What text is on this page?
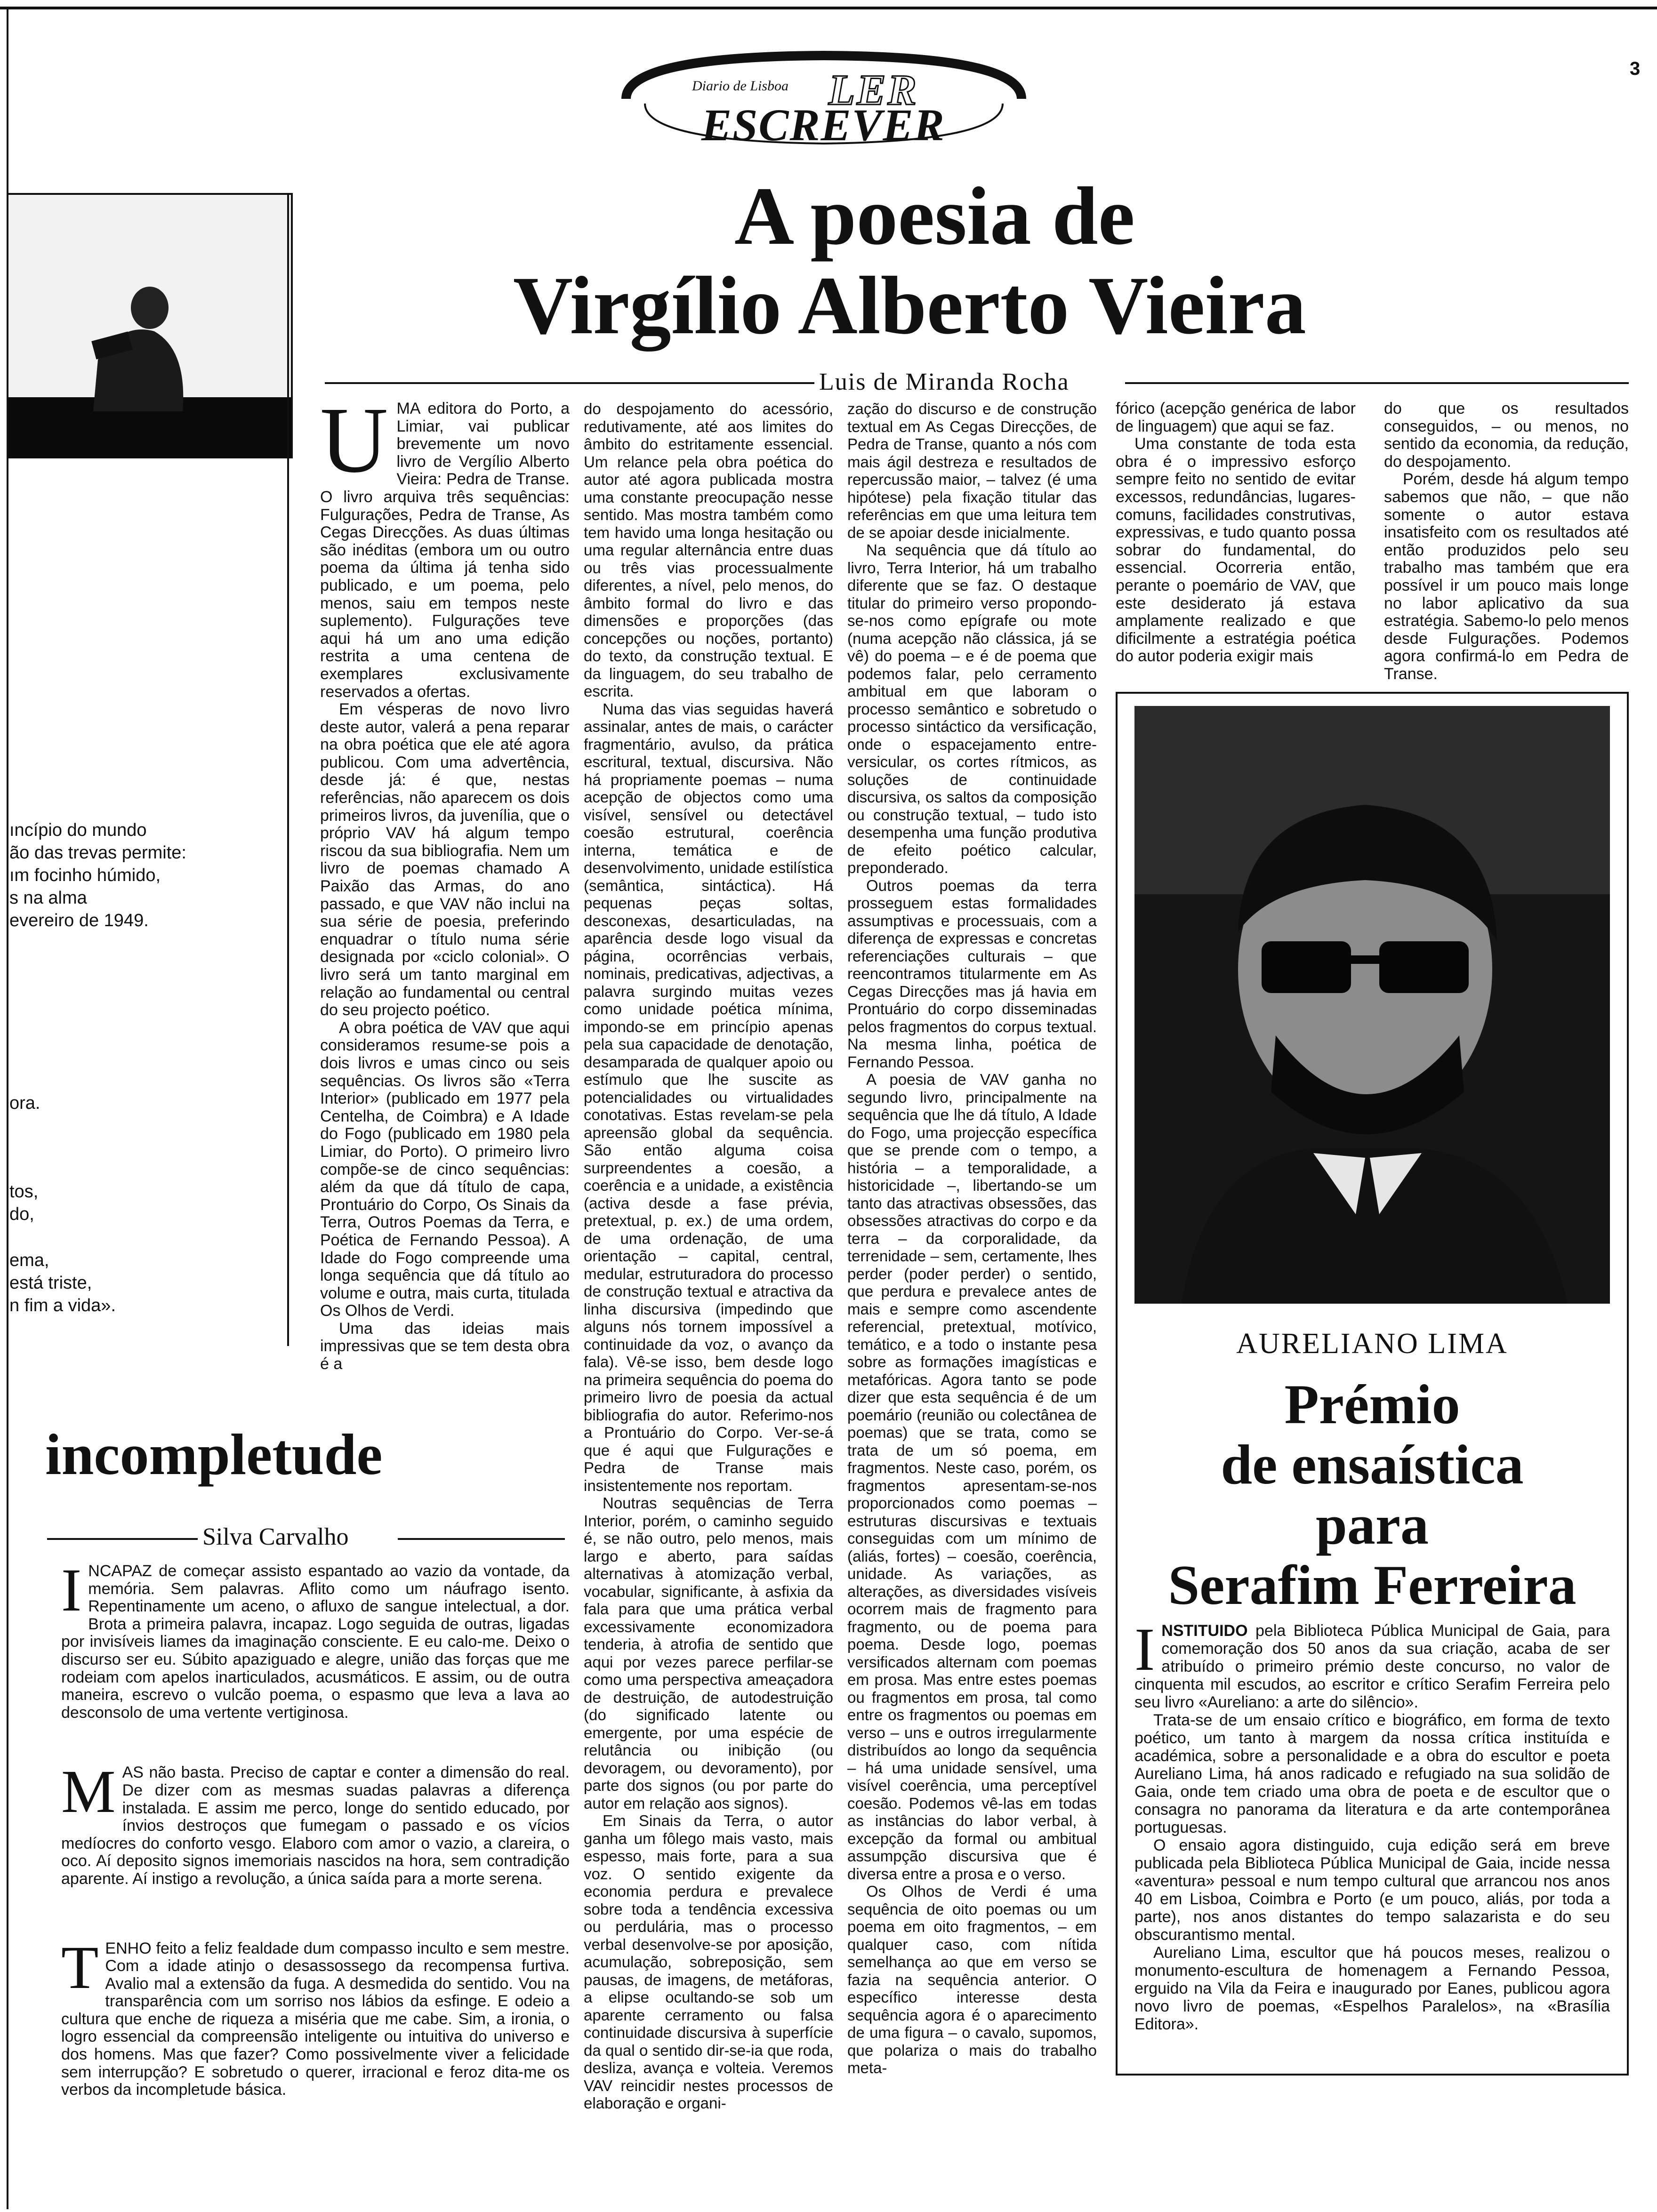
3
Diario de Lisboa LER
ESCREVER
A poesia de
Virgílio Alberto Vieira
Luis de Miranda Rocha
ıncípio do mundo
ão das trevas permite:
ım focinho húmido,
s na alma
evereiro de 1949.
ora.
tos,
do,
ema,
está triste,
n fim a vida».
U MA editora do Porto, a Limiar, vai publicar brevemente um novo livro de Vergílio Alberto Vieira: Pedra de Transe. O livro arquiva três sequências: Fulgurações, Pedra de Transe, As Cegas Direcções. As duas últimas são inéditas (embora um ou outro poema da última já tenha sido publicado, e um poema, pelo menos, saiu em tempos neste suplemento). Fulgurações teve aqui há um ano uma edição restrita a uma centena de exemplares exclusivamente reservados a ofertas.

Em vésperas de novo livro deste autor, valerá a pena reparar na obra poética que ele até agora publicou. Com uma advertência, desde já: é que, nestas referências, não aparecem os dois primeiros livros, da juvenília, que o próprio VAV há algum tempo riscou da sua bibliografia. Nem um livro de poemas chamado A Paixão das Armas, do ano passado, e que VAV não inclui na sua série de poesia, preferindo enquadrar o título numa série designada por «ciclo colonial». O livro será um tanto marginal em relação ao fundamental ou central do seu projecto poético.

A obra poética de VAV que aqui consideramos resume-se pois a dois livros e umas cinco ou seis sequências. Os livros são «Terra Interior» (publicado em 1977 pela Centelha, de Coimbra) e A Idade do Fogo (publicado em 1980 pela Limiar, do Porto). O primeiro livro compõe-se de cinco sequências: além da que dá título de capa, Prontuário do Corpo, Os Sinais da Terra, Outros Poemas da Terra, e Poética de Fernando Pessoa). A Idade do Fogo compreende uma longa sequência que dá título ao volume e outra, mais curta, titulada Os Olhos de Verdi.

Uma das ideias mais impressivas que se tem desta obra é a

do despojamento do acessório, redutivamente, até aos limites do âmbito do estritamente essencial. Um relance pela obra poética do autor até agora publicada mostra uma constante preocupação nesse sentido. Mas mostra também como tem havido uma longa hesitação ou uma regular alternância entre duas ou três vias processualmente diferentes, a nível, pelo menos, do âmbito formal do livro e das dimensões e proporções (das concepções ou noções, portanto) do texto, da construção textual. E da linguagem, do seu trabalho de escrita.

Numa das vias seguidas haverá assinalar, antes de mais, o carácter fragmentário, avulso, da prática escritural, textual, discursiva. Não há propriamente poemas – numa acepção de objectos como uma visível, sensível ou detectável coesão estrutural, coerência interna, temática e de desenvolvimento, unidade estilística (semântica, sintáctica). Há pequenas peças soltas, desconexas, desarticuladas, na aparência desde logo visual da página, ocorrências verbais, nominais, predicativas, adjectivas, a palavra surgindo muitas vezes como unidade poética mínima, impondo-se em princípio apenas pela sua capacidade de denotação, desamparada de qualquer apoio ou estímulo que lhe suscite as potencialidades ou virtualidades conotativas. Estas revelam-se pela apreensão global da sequência. São então alguma coisa surpreendentes a coesão, a coerência e a unidade, a existência (activa desde a fase prévia, pretextual, p. ex.) de uma ordem, de uma ordenação, de uma orientação – capital, central, medular, estruturadora do processo de construção textual e atractiva da linha discursiva (impedindo que alguns nós tornem impossível a continuidade da voz, o avanço da fala). Vê-se isso, bem desde logo na primeira sequência do poema do primeiro livro de poesia da actual bibliografia do autor. Referimo-nos a Prontuário do Corpo. Ver-se-á que é aqui que Fulgurações e Pedra de Transe mais insistentemente nos reportam.

Noutras sequências de Terra Interior, porém, o caminho seguido é, se não outro, pelo menos, mais largo e aberto, para saídas alternativas à atomização verbal, vocabular, significante, à asfixia da fala para que uma prática verbal excessivamente economizadora tenderia, à atrofia de sentido que aqui por vezes parece perfilar-se como uma perspectiva ameaçadora de destruição, de autodestruição (do significado latente ou emergente, por uma espécie de relutância ou inibição (ou devoragem, ou devoramento), por parte dos signos (ou por parte do autor em relação aos signos).

Em Sinais da Terra, o autor ganha um fôlego mais vasto, mais espesso, mais forte, para a sua voz. O sentido exigente da economia perdura e prevalece sobre toda a tendência excessiva ou perdulária, mas o processo verbal desenvolve-se por aposição, acumulação, sobreposição, sem pausas, de imagens, de metáforas, a elipse ocultando-se sob um aparente cerramento ou falsa continuidade discursiva à superfície da qual o sentido dir-se-ia que roda, desliza, avança e volteia. Veremos VAV reincidir nestes processos de elaboração e organi-

zação do discurso e de construção textual em As Cegas Direcções, de Pedra de Transe, quanto a nós com mais ágil destreza e resultados de repercussão maior, – talvez (é uma hipótese) pela fixação titular das referências em que uma leitura tem de se apoiar desde inicialmente.

Na sequência que dá título ao livro, Terra Interior, há um trabalho diferente que se faz. O destaque titular do primeiro verso propondo-se-nos como epígrafe ou mote (numa acepção não clássica, já se vê) do poema – e é de poema que podemos falar, pelo cerramento ambitual em que laboram o processo semântico e sobretudo o processo sintáctico da versificação, onde o espacejamento entre-versicular, os cortes rítmicos, as soluções de continuidade discursiva, os saltos da composição ou construção textual, – tudo isto desempenha uma função produtiva de efeito poético calcular, preponderado.

Outros poemas da terra prosseguem estas formalidades assumptivas e processuais, com a diferença de expressas e concretas referenciações culturais – que reencontramos titularmente em As Cegas Direcções mas já havia em Prontuário do corpo disseminadas pelos fragmentos do corpus textual. Na mesma linha, poética de Fernando Pessoa.

A poesia de VAV ganha no segundo livro, principalmente na sequência que lhe dá título, A Idade do Fogo, uma projecção específica que se prende com o tempo, a história – a temporalidade, a historicidade –, libertando-se um tanto das atractivas obsessões, das obsessões atractivas do corpo e da terra – da corporalidade, da terrenidade – sem, certamente, lhes perder (poder perder) o sentido, que perdura e prevalece antes de mais e sempre como ascendente referencial, pretextual, motívico, temático, e a todo o instante pesa sobre as formações imagísticas e metafóricas. Agora tanto se pode dizer que esta sequência é de um poemário (reunião ou colectânea de poemas) que se trata, como se trata de um só poema, em fragmentos. Neste caso, porém, os fragmentos apresentam-se-nos proporcionados como poemas – estruturas discursivas e textuais conseguidas com um mínimo de (aliás, fortes) – coesão, coerência, unidade. As variações, as alterações, as diversidades visíveis ocorrem mais de fragmento para fragmento, ou de poema para poema. Desde logo, poemas versificados alternam com poemas em prosa. Mas entre estes poemas ou fragmentos em prosa, tal como entre os fragmentos ou poemas em verso – uns e outros irregularmente distribuídos ao longo da sequência – há uma unidade sensível, uma visível coerência, uma perceptível coesão. Podemos vê-las em todas as instâncias do labor verbal, à excepção da formal ou ambitual assumpção discursiva que é diversa entre a prosa e o verso.

Os Olhos de Verdi é uma sequência de oito poemas ou um poema em oito fragmentos, – em qualquer caso, com nítida semelhança ao que em verso se fazia na sequência anterior. O específico interesse desta sequência agora é o aparecimento de uma figura – o cavalo, supomos, que polariza o mais do trabalho meta-

fórico (acepção genérica de labor de linguagem) que aqui se faz.

Uma constante de toda esta obra é o impressivo esforço sempre feito no sentido de evitar excessos, redundâncias, lugares-comuns, facilidades construtivas, expressivas, e tudo quanto possa sobrar do fundamental, do essencial. Ocorreria então, perante o poemário de VAV, que este desiderato já estava amplamente realizado e que dificilmente a estratégia poética do autor poderia exigir mais

do que os resultados conseguidos, – ou menos, no sentido da economia, da redução, do despojamento.

Porém, desde há algum tempo sabemos que não, – que não somente o autor estava insatisfeito com os resultados até então produzidos pelo seu trabalho mas também que era possível ir um pouco mais longe no labor aplicativo da sua estratégia. Sabemo-lo pelo menos desde Fulgurações. Podemos agora confirmá-lo em Pedra de Transe.

AURELIANO LIMA
Prémio
de ensaística
para
Serafim Ferreira

INSTITUIDO pela Biblioteca Pública Municipal de Gaia, para comemoração dos 50 anos da sua criação, acaba de ser atribuído o primeiro prémio deste concurso, no valor de cinquenta mil escudos, ao escritor e crítico Serafim Ferreira pelo seu livro «Aureliano: a arte do silêncio».

Trata-se de um ensaio crítico e biográfico, em forma de texto poético, um tanto à margem da nossa crítica instituída e académica, sobre a personalidade e a obra do escultor e poeta Aureliano Lima, há anos radicado e refugiado na sua solidão de Gaia, onde tem criado uma obra de poeta e de escultor que o consagra no panorama da literatura e da arte contemporânea portuguesas.

O ensaio agora distinguido, cuja edição será em breve publicada pela Biblioteca Pública Municipal de Gaia, incide nessa «aventura» pessoal e num tempo cultural que arrancou nos anos 40 em Lisboa, Coimbra e Porto (e um pouco, aliás, por toda a parte), nos anos distantes do tempo salazarista e do seu obscurantismo mental.

Aureliano Lima, escultor que há poucos meses, realizou o monumento-escultura de homenagem a Fernando Pessoa, erguido na Vila da Feira e inaugurado por Eanes, publicou agora novo livro de poemas, «Espelhos Paralelos», na «Brasília Editora».

incompletude
Silva Carvalho

INCAPAZ de começar assisto espantado ao vazio da vontade, da memória. Sem palavras. Aflito como um náufrago isento. Repentinamente um aceno, o afluxo de sangue intelectual, a dor. Brota a primeira palavra, incapaz. Logo seguida de outras, ligadas por invisíveis liames da imaginação consciente. E eu calo-me. Deixo o discurso ser eu. Súbito apaziguado e alegre, união das forças que me rodeiam com apelos inarticulados, acusmáticos. E assim, ou de outra maneira, escrevo o vulcão poema, o espasmo que leva a lava ao desconsolo de uma vertente vertiginosa.

MAS não basta. Preciso de captar e conter a dimensão do real. De dizer com as mesmas suadas palavras a diferença instalada. E assim me perco, longe do sentido educado, por ínvios destroços que fumegam o passado e os vícios medíocres do conforto vesgo. Elaboro com amor o vazio, a clareira, o oco. Aí deposito signos imemoriais nascidos na hora, sem contradição aparente. Aí instigo a revolução, a única saída para a morte serena.

TENHO feito a feliz fealdade dum compasso inculto e sem mestre. Com a idade atinjo o desassossego da recompensa furtiva. Avalio mal a extensão da fuga. A desmedida do sentido. Vou na transparência com um sorriso nos lábios da esfinge. E odeio a cultura que enche de riqueza a miséria que me cabe. Sim, a ironia, o logro essencial da compreensão inteligente ou intuitiva do universo e dos homens. Mas que fazer? Como possivelmente viver a felicidade sem interrupção? E sobretudo o querer, irracional e feroz dita-me os verbos da incompletude básica.
